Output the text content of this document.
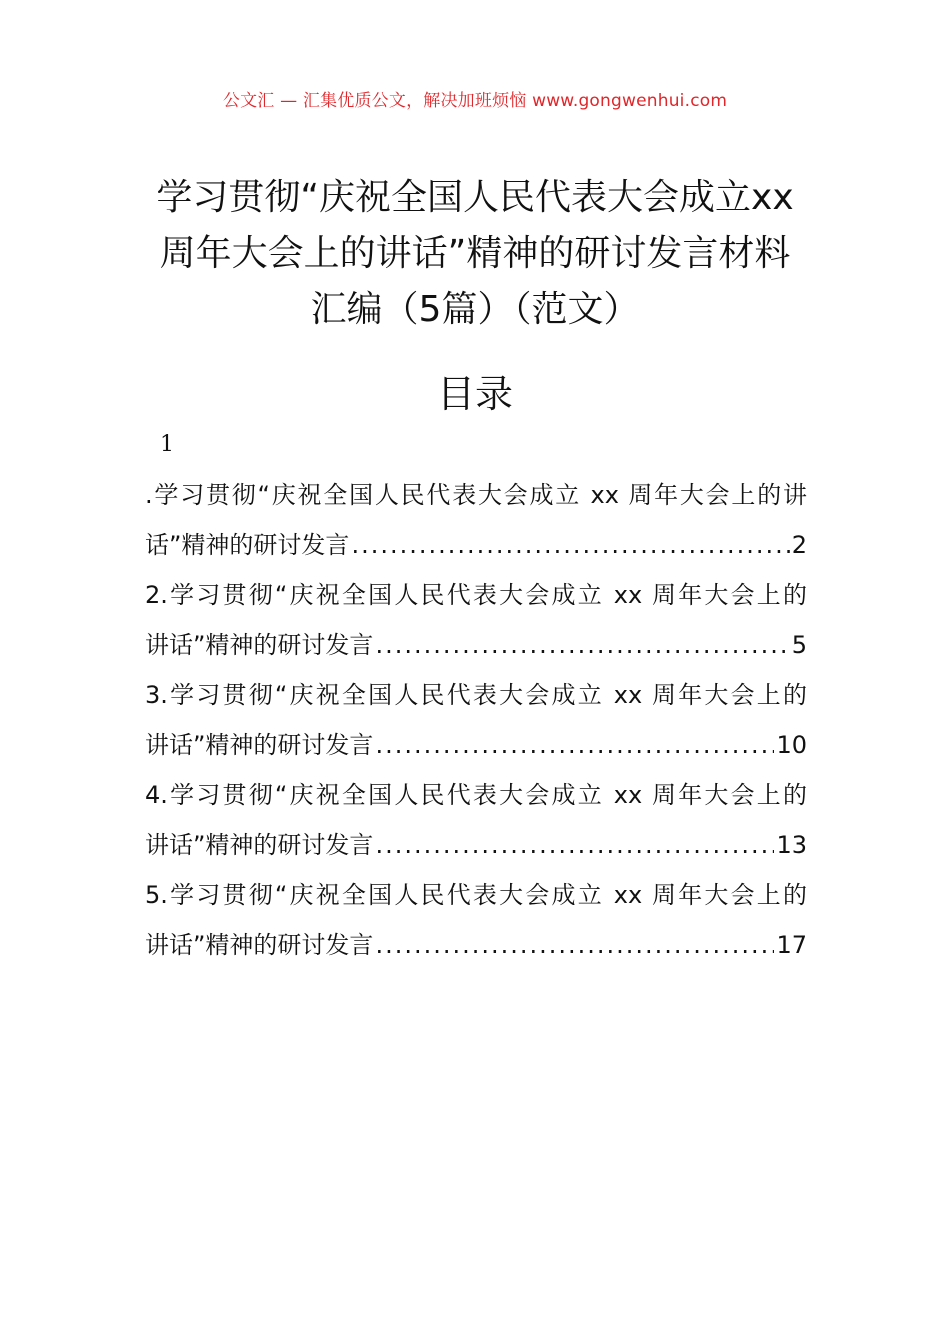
公文汇 — 汇集优质公文，解决加班烦恼 www.gongwenhui.com
学习贯彻“庆祝全国人民代表大会成立xx
周年大会上的讲话”精神的研讨发言材料
汇编（5篇）（范文）
目录
1
.学习贯彻“庆祝全国人民代表大会成立 xx 周年大会上的讲
话”精神的研讨发言 .....	2
2.学习贯彻“庆祝全国人民代表大会成立 xx 周年大会上的
讲话”精神的研讨发言 .....	5
3.学习贯彻“庆祝全国人民代表大会成立 xx 周年大会上的
讲话”精神的研讨发言 .....	10
4.学习贯彻“庆祝全国人民代表大会成立 xx 周年大会上的
讲话”精神的研讨发言 .....	13
5.学习贯彻“庆祝全国人民代表大会成立 xx 周年大会上的
讲话”精神的研讨发言 .....	17
